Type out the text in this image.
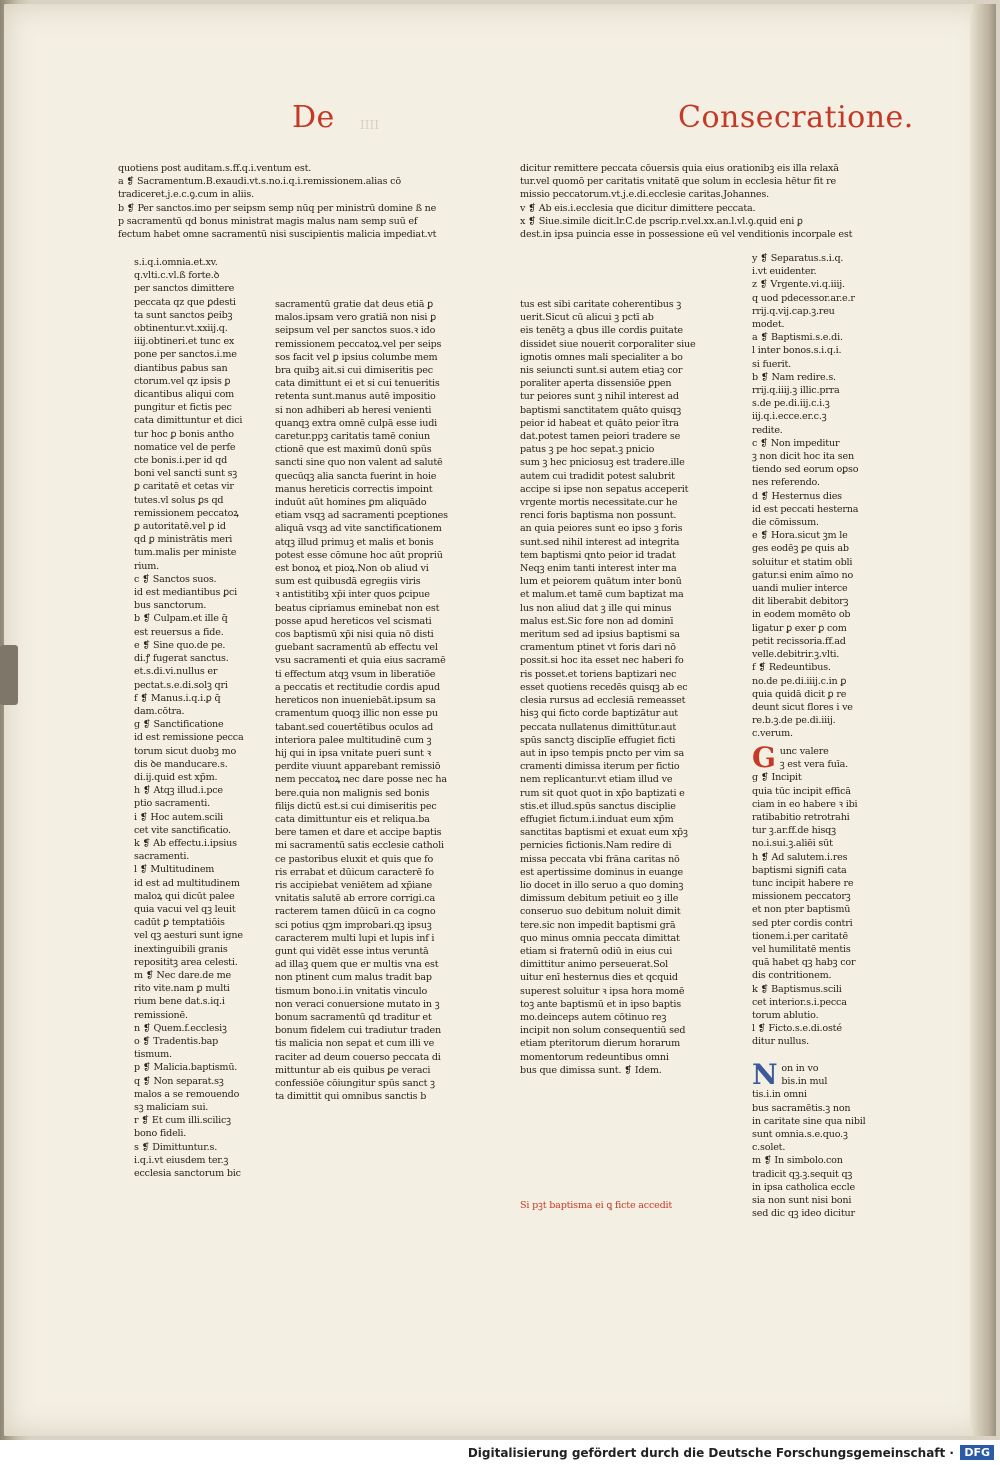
De IIII	Consecratione.
quotiens post auditam.s.ff.q.i.ventum est.
a ❡ Sacramentum.B.exaudi.vt.s.no.i.q.i.remissionem.alias cō
tradiceret.j.e.c.ꝯ.cum in aliis.
b ❡ Per sanctos.imo per seipsm semp nūq per ministrū domine ß ne
p sacramentū qd bonus ministrat magis malus nam semp suū ef
fectum habet omne sacramentū nisi suscipientis malicia impediat.vt
dicitur remittere peccata cōuersis quia eius orationibꝫ eis illa relaxā
tur.vel quomō per caritatis vnitatē que solum in ecclesia hētur fit re
missio peccatorum.vt.j.e.di.ecclesie caritas.Johannes.
v ❡ Ab eis.i.ecclesia que dicitur dimittere peccata.
x ❡ Siue.simile dicit.lr.C.de pscrip.r.vel.xx.an.l.vl.ꝯ.quid eni ꝑ
dest.in ipsa puincia esse in possessione eū vel venditionis incorpale est
s.i.q.i.omnia.et.xv.
q.vlti.c.vl.ß forte.ꝺ
per sanctos dimittere
peccata qz que ꝑdesti
ta sunt sanctos ꝑeibꝫ
obtinentur.vt.xxiij.q.
iiij.obtineri.et tunc ex
pone per sanctos.i.me
diantibus ꝑabus san
ctorum.vel qz ipsis ꝑ
dicantibus aliqui com
pungitur et fictis pec
cata dimittuntur et dici
tur hoc ꝑ bonis antho
nomatice vel de perfe
cte bonis.i.per id qd
boni vel sancti sunt sꝫ
ꝑ caritatē et cetas vir
tutes.vl solus ꝑs qd
remissionem peccatoꝝ
ꝑ autoritatē.vel ꝑ id
qd ꝑ ministrātis meri
tum.malis per ministe
rium.
c ❡ Sanctos suos.
id est mediantibus ꝑci
bus sanctorum.
b ❡ Culpam.et ille q̄
est reuersus a fide.
e ❡ Sine quo.de pe.
di.ꝭ fugerat sanctus.
et.s.di.vi.nullus er
pectat.s.e.di.solꝫ qri
f ❡ Manus.i.q.i.ꝑ q̄
dam.cōtra.
g ❡ Sanctificatione
id est remissione pecca
torum sicut duobꝫ mo
dis ꝺe manducare.s.
di.ij.quid est xp̄m.
h ❡ Atqꝫ illud.i.pce
ptio sacramenti.
i ❡ Hoc autem.scili
cet vite sanctificatio.
k ❡ Ab effectu.i.ipsius
sacramenti.
l ❡ Multitudinem
id est ad multitudinem
maloꝝ qui dicūt palee
quia vacui vel qꝫ leuit
cadūt ꝑ temptatiōis
vel qꝫ aesturi sunt igne
inextinguibili granis
reposititꝫ area celesti.
m ❡ Nec dare.de me
rito vite.nam ꝑ multi
rium bene dat.s.iq.i
remissionē.
n ❡ Quem.f.ecclesiꝫ
o ❡ Tradentis.bap
tismum.
p ❡ Malicia.baptismū.
q ❡ Non separat.sꝫ
malos a se remouendo
sꝫ maliciam sui.
r ❡ Et cum illi.scilicꝫ
bono fideli.
s ❡ Dimittuntur.s.
i.q.i.vt eiusdem ter.ꝫ
ecclesia sanctorum bic
sacramentū gratie dat deus etiā ꝑ
malos.ipsam vero gratiā non nisi ꝑ
seipsum vel per sanctos suos.ꝛ ido
remissionem peccatoꝝ.vel per seips
sos facit vel ꝑ ipsius columbe mem
bra quibꝫ ait.si cui dimiseritis pec
cata dimittunt ei et si cui tenueritis
retenta sunt.manus autē impositio
si non adhiberi ab heresi venienti
quanqꝫ extra omnē culpā esse iudi
caretur.ppꝫ caritatis tamē coniun
ctionē que est maximū donū spūs
sancti sine quo non valent ad salutē
quecūqꝫ alia sancta fuerint in hoie
manus hereticis correctis impoint
induūt aūt homines ꝑm aliquādo
etiam vsqꝫ ad sacramenti pceptiones
aliquā vsqꝫ ad vite sanctificationem
atqꝫ illud primuꝫ et malis et bonis
potest esse cōmune hoc aūt propriū
est bonoꝝ et pioꝝ.Non ob aliud vi
sum est quibusdā egregiis viris
ꝛ antistitibꝫ xp̄i inter quos ꝑcipue
beatus cipriamus eminebat non est
posse apud hereticos vel scismati
cos baptismū xp̄i nisi quia nō disti
guebant sacramentū ab effectu vel
vsu sacramenti et quia eius sacramē
ti effectum atqꝫ vsum in liberatiōe
a peccatis et rectitudie cordis apud
hereticos non inueniebāt.ipsum sa
cramentum quoqꝫ illic non esse pu
tabant.sed couertētibus oculos ad
interiora palee multitudinē cum ꝫ
hij qui in ipsa vnitate pueri sunt ꝛ
perdite viuunt apparebant remissiō
nem peccatoꝝ nec dare posse nec ha
bere.quia non malignis sed bonis
filijs dictū est.si cui dimiseritis pec
cata dimittuntur eis et reliqua.ba
bere tamen et dare et accipe baptis
mi sacramentū satis ecclesie catholi
ce pastoribus eluxit et quis que fo
ris errabat et dūicum caracterē fo
ris accipiebat veniētem ad xp̄iane
vnitatis salutē ab errore corrigi.ca
racterem tamen dūicū in ca cogno
sci potius qꝫm improbari.qꝫ ipsuꝫ
caracterem multi lupi et lupis inf i
gunt qui vidēt esse intus veruntā
ad illaꝫ quem que er multis vna est
non ptinent cum malus tradit bap
tismum bono.i.in vnitatis vinculo
non veraci conuersione mutato in ꝫ
bonum sacramentū qd traditur et
bonum fidelem cui tradiutur traden
tis malicia non sepat et cum illi ve
raciter ad deum couerso peccata di
mittuntur ab eis quibus ꝑe veraci
confessiōe cōiungitur spūs sanct ꝫ
ta dimittit qui omnibus sanctis b
tus est sibi caritate coherentibus ꝫ
uerit.Sicut cū alicui ꝫ pctī ab
eis tenētꝫ a qbus ille cordis ꝑuitate
dissidet siue nouerit corporaliter siue
ignotis omnes mali specialiter a bo
nis seiuncti sunt.si autem etiaꝫ cor
poraliter aperta dissensiōe ꝑpen
tur peiores sunt ꝫ nihil interest ad
baptismi sanctitatem quāto quisqꝫ
peior id habeat et quāto peior ītra
dat.potest tamen peiori tradere se
patus ꝫ pe hoc sepat.ꝫ pnicio
sum ꝫ hec pniciosuꝫ est tradere.ille
autem cui tradidit potest salubrit
accipe si ipse non sepatus acceperit
vrgente mortis necessitate.cur he
renci foris baptisma non possunt.
an quia peiores sunt eo ipso ꝫ foris
sunt.sed nihil interest ad integrita
tem baptismi qnto peior id tradat
Neqꝫ enim tanti interest inter ma
lum et peiorem quātum inter bonū
et malum.et tamē cum baptizat ma
lus non aliud dat ꝫ ille qui minus
malus est.Sic fore non ad dominī
meritum sed ad ipsius baptismi sa
cramentum ptinet vt foris dari nō
possit.si hoc ita esset nec haberi fo
ris posset.et toriens baptizari nec
esset quotiens recedēs quisqꝫ ab ec
clesia rursus ad ecclesiā remeasset
hisꝫ qui ficto corde baptizātur aut
peccata nullatenus dimittūtur.aut
spūs sanctꝫ disciplīe effugiet ficti
aut in ipso tempis pncto per vim sa
cramenti dimissa iterum per fictio
nem replicantur.vt etiam illud ve
rum sit quot quot in xp̄o baptizati e
stis.et illud.spūs sanctus disciplie
effugiet fictum.i.induat eum xp̄m
sanctitas baptismi et exuat eum xp̄ꝫ
pernicies fictionis.Nam redire di
missa peccata vbi frāna caritas nō
est apertissime dominus in euange
lio docet in illo seruo a quo dominꝫ
dimissum debitum petiuit eo ꝫ ille
conseruo suo debitum noluit dimit
tere.sic non impedit baptismi grā
quo minus omnia peccata dimittat
etiam si fraternū odiū in eius cui
dimittitur animo perseuerat.Sol
uitur enī hesternus dies et qcquid
superest soluitur ꝛ ipsa hora momē
toꝫ ante baptismū et in ipso baptis
mo.deinceps autem cōtinuo reꝫ
incipit non solum consequentiū sed
etiam pteritorum dierum horarum
momentorum redeuntibus omni
bus que dimissa sunt. ❡ Idem.
Si pꝫt baptisma ei ꝗ ficte accedit
y ❡ Separatus.s.i.q.
i.vt euidenter.
z ❡ Vrgente.vi.q.iiij.
q uod pdecessor.ar.e.r
rrij.q.vij.cap.ꝫ.reu
modet.
a ❡ Baptismi.s.e.di.
l inter bonos.s.i.q.i.
si fuerit.
b ❡ Nam redire.s.
rrij.q.iiij.ꝫ illic.prra
s.de pe.di.iij.c.i.ꝫ
iij.q.i.ecce.er.c.ꝫ
redite.
c ❡ Non impeditur
ꝫ non dicit hoc ita sen
tiendo sed eorum oꝑso
nes referendo.
d ❡ Hesternus dies
id est peccati hesterna
die cōmissum.
e ❡ Hora.sicut ꝫm le
ges eodēꝫ ꝑe quis ab
soluitur et statim obli
gatur.si enim aīmo no
uandi mulier interce
dit liberabit debitorꝫ
in eodem momēto ob
ligatur ꝑ exer ꝑ com
petit recissoria.ff.ad
velle.debitrir.ꝫ.vlti.
f ❡ Redeuntibus.
no.de pe.di.iiij.c.in ꝑ
quia quidā dicit ꝑ re
deunt sicut flores i ve
re.b.ꝫ.de pe.di.iiij.
c.verum.
G unc valere
ꝫ est vera fuīa.
g ❡ Incipit
quia tūc incipit efficā
ciam in eo habere ꝛ ibi
ratibabitio retrotrahi
tur ꝫ.ar.ff.de hisqꝫ
no.i.sui.ꝫ.aliēi sūt
h ❡ Ad salutem.i.res
baptismi signifi cata
tunc incipit habere re
missionem peccatorꝫ
et non pter baptismū
sed pter cordis contri
tionem.i.per caritatē
vel humilitatē mentis
quā habet qꝫ habꝫ cor
dis contritionem.
k ❡ Baptismus.scili
cet interior.s.i.pecca
torum ablutio.
l ❡ Ficto.s.e.di.osté
ditur nullus.
N on in vo
bis.in mul
tis.i.in omni
bus sacramētis.ꝫ non
in caritate sine qua nibil
sunt omnia.s.e.quo.ꝫ
c.solet.
m ❡ In simbolo.con
tradicit qꝫ.ꝫ.sequit qꝫ
in ipsa catholica eccle
sia non sunt nisi boni
sed dic qꝫ ideo dicitur
Digitalisierung gefördert durch die Deutsche Forschungsgemeinschaft · DFG
